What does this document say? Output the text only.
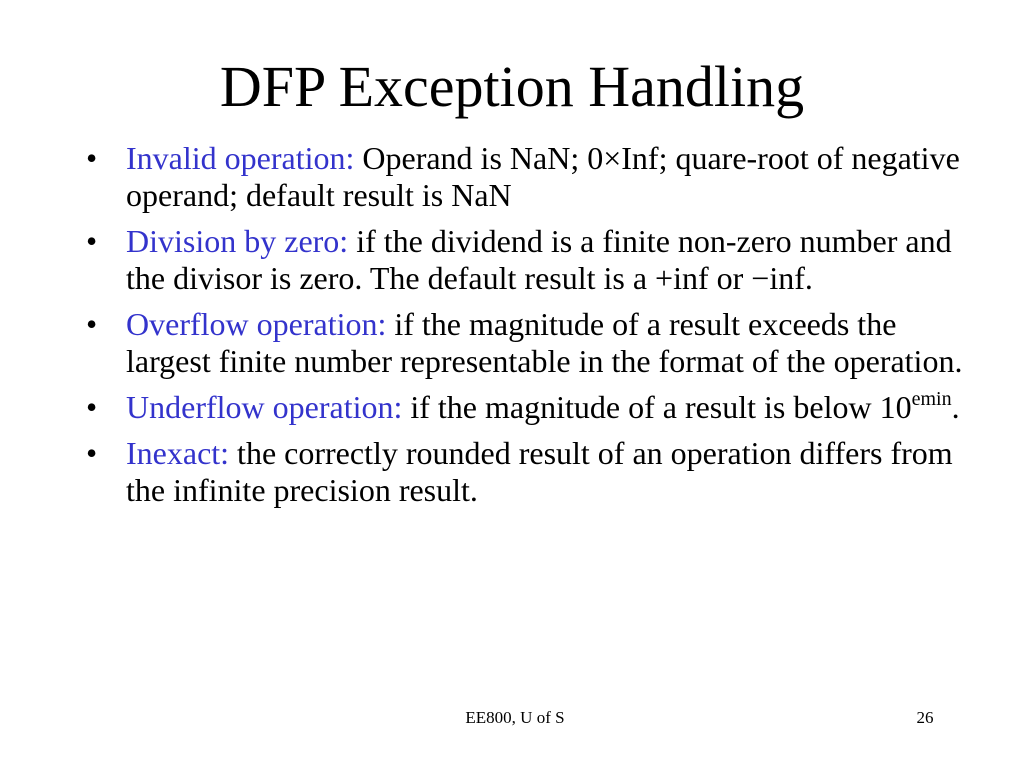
DFP Exception Handling
• Invalid operation: Operand is NaN; 0×Inf; quare-root of negative operand; default result is NaN
• Division by zero: if the dividend is a finite non-zero number and the divisor is zero. The default result is a +inf or −inf.
• Overflow operation: if the magnitude of a result exceeds the largest finite number representable in the format of the operation.
• Underflow operation: if the magnitude of a result is below $10^{emin}$.
• Inexact: the correctly rounded result of an operation differs from the infinite precision result.
EE800, U of S	26
